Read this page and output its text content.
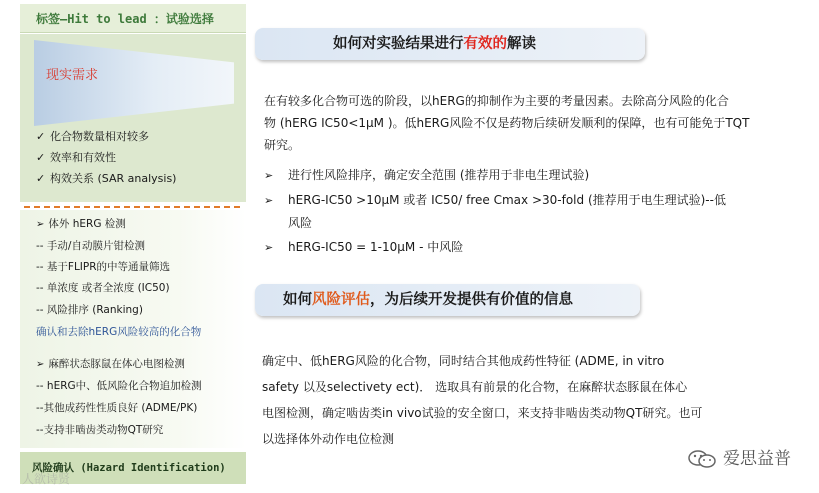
标签—Hit to lead ：试验选择
✓ 化合物数量相对较多
✓ 效率和有效性
✓ 构效关系 (SAR analysis)
现实需求
➢ 体外 hERG 检测
-- 手动/自动膜片钳检测
-- 基于FLIPR的中等通量筛选
-- 单浓度 或者全浓度 (IC50)
-- 风险排序 (Ranking)
确认和去除hERG风险较高的化合物
➢ 麻醉状态豚鼠在体心电图检测
-- hERG中、低风险化合物追加检测
--其他成药性性质良好 (ADME/PK)
--支持非啮齿类动物QT研究
风险确认 (Hazard Identification)
人欲诗贤
如何对实验结果进行有效的解读
在有较多化合物可选的阶段，以hERG的抑制作为主要的考量因素。去除高分风险的化合
物 (hERG IC50<1μM )。低hERG风险不仅是药物后续研发顺利的保障，也有可能免于TQT
研究。
➢ 进行性风险排序，确定安全范围 (推荐用于非电生理试验)
➢ hERG-IC50 >10μM 或者 IC50/ free Cmax >30-fold (推荐用于电生理试验)--低
风险
➢ hERG-IC50 = 1-10μM - 中风险
如何风险评估，为后续开发提供有价值的信息
确定中、低hERG风险的化合物，同时结合其他成药性特征 (ADME, in vitro
safety 以及selectivety ect)． 选取具有前景的化合物，在麻醉状态豚鼠在体心
电图检测，确定啮齿类in vivo试验的安全窗口，来支持非啮齿类动物QT研究。也可
以选择体外动作电位检测
爱思益普
